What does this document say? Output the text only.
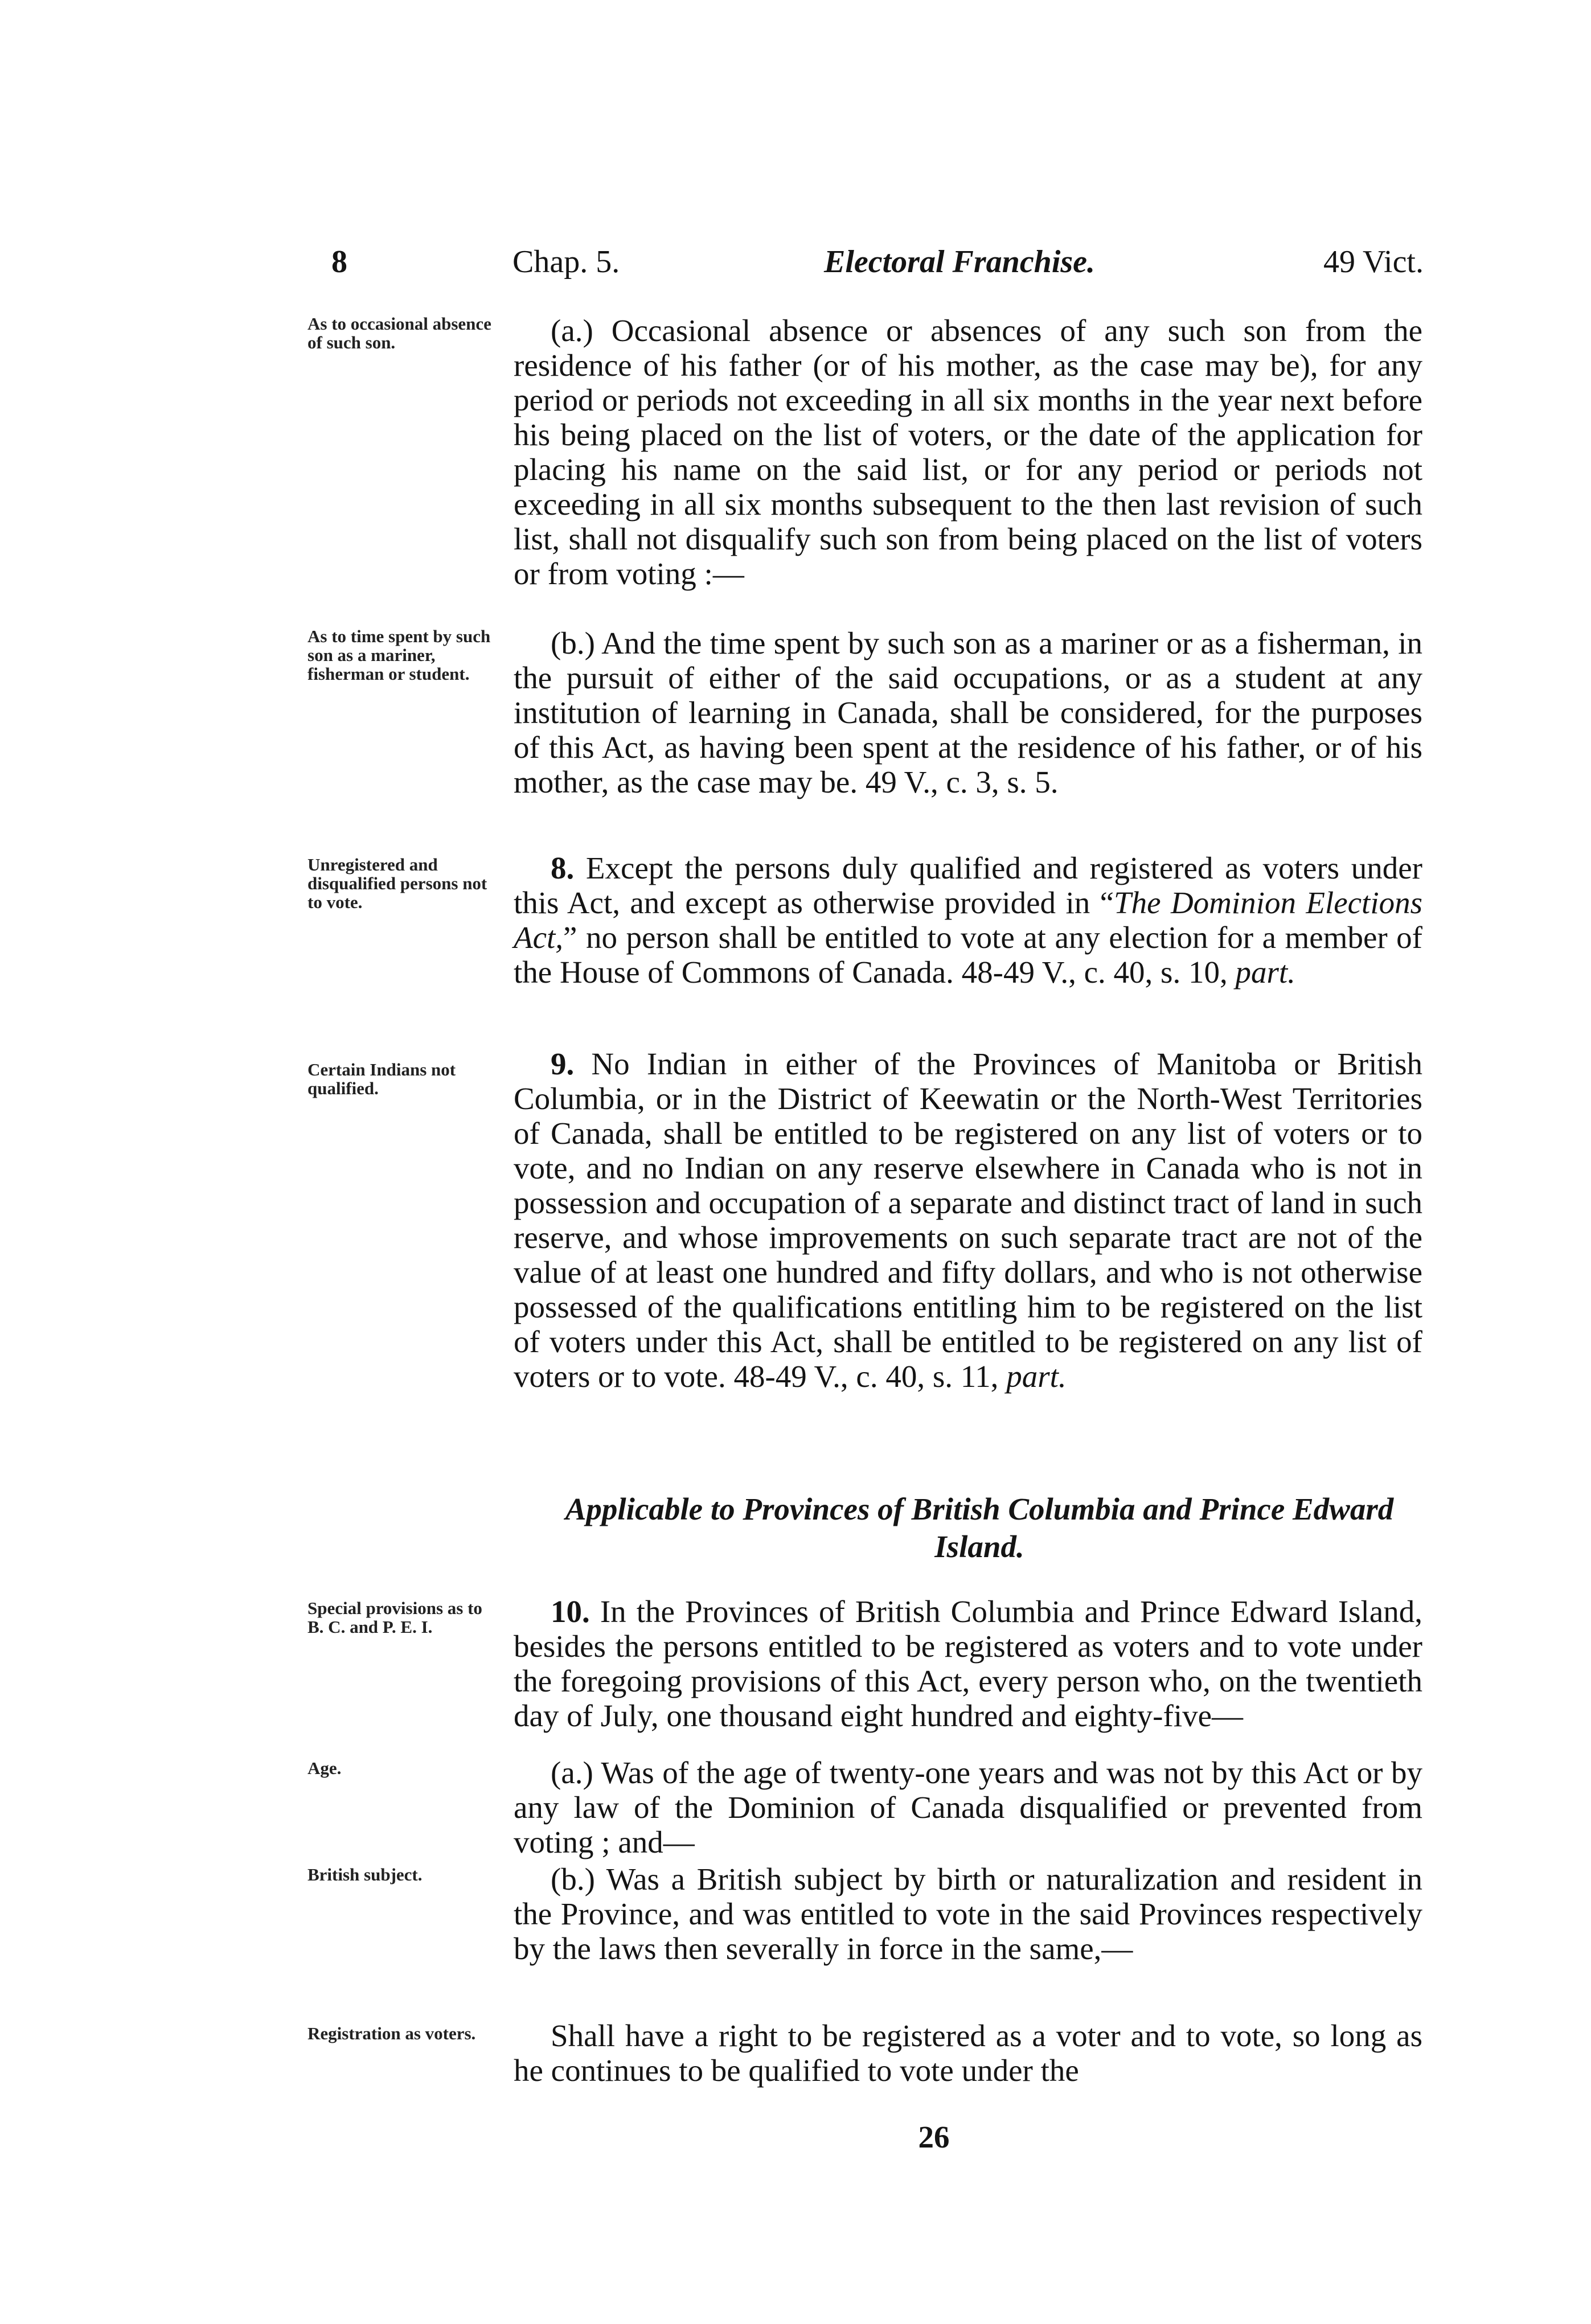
8	Chap. 5.	Electoral Franchise.	49 Vict.
As to occasional absence of such son.	(a.) Occasional absence or absences of any such son from the residence of his father (or of his mother, as the case may be), for any period or periods not exceeding in all six months in the year next before his being placed on the list of voters, or the date of the application for placing his name on the said list, or for any period or periods not exceeding in all six months subsequent to the then last revision of such list, shall not disqualify such son from being placed on the list of voters or from voting :—
As to time spent by such son as a mariner, fisherman or student.
(b.) And the time spent by such son as a mariner or as a fisherman, in the pursuit of either of the said occupations, or as a student at any institution of learning in Canada, shall be considered, for the purposes of this Act, as having been spent at the residence of his father, or of his mother, as the case may be. 49 V., c. 3, s. 5.
Unregistered and disqualified persons not to vote.
8. Except the persons duly qualified and registered as voters under this Act, and except as otherwise provided in “The Dominion Elections Act,” no person shall be entitled to vote at any election for a member of the House of Commons of Canada. 48-49 V., c. 40, s. 10, part.
Certain Indians not qualified.
9. No Indian in either of the Provinces of Manitoba or British Columbia, or in the District of Keewatin or the North-West Territories of Canada, shall be entitled to be registered on any list of voters or to vote, and no Indian on any reserve elsewhere in Canada who is not in possession and occupation of a separate and distinct tract of land in such reserve, and whose improvements on such separate tract are not of the value of at least one hundred and fifty dollars, and who is not otherwise possessed of the qualifications entitling him to be registered on the list of voters under this Act, shall be entitled to be registered on any list of voters or to vote. 48-49 V., c. 40, s. 11, part.
Applicable to Provinces of British Columbia and Prince Edward Island.
Special provisions as to B. C. and P. E. I.	10. In the Provinces of British Columbia and Prince Edward Island, besides the persons entitled to be registered as voters and to vote under the foregoing provisions of this Act, every person who, on the twentieth day of July, one thousand eight hundred and eighty-five—
Age.	(a.) Was of the age of twenty-one years and was not by this Act or by any law of the Dominion of Canada disqualified or prevented from voting ; and—
British subject.	(b.) Was a British subject by birth or naturalization and resident in the Province, and was entitled to vote in the said Provinces respectively by the laws then severally in force in the same,—
Registration as voters.	Shall have a right to be registered as a voter and to vote, so long as he continues to be qualified to vote under the
26
